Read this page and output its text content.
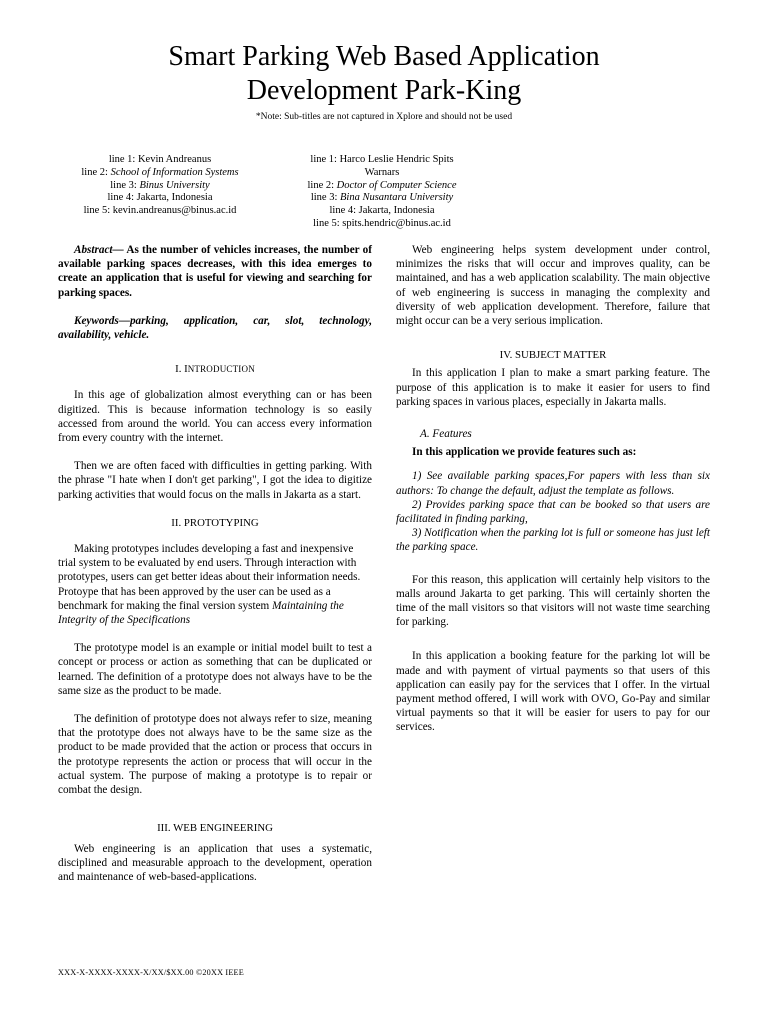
Smart Parking Web Based Application
Development Park-King
*Note: Sub-titles are not captured in Xplore and should not be used
line 1: Kevin Andreanus
line 2: School of Information Systems
line 3: Binus University
line 4: Jakarta, Indonesia
line 5: kevin.andreanus@binus.ac.id
line 1: Harco Leslie Hendric Spits
Warnars
line 2: Doctor of Computer Science
line 3: Bina Nusantara University
line 4: Jakarta, Indonesia
line 5: spits.hendric@binus.ac.id

Abstract— As the number of vehicles increases, the number of available parking spaces decreases, with this idea emerges to create an application that is useful for viewing and searching for parking spaces.

Keywords—parking, application, car, slot, technology, availability, vehicle.

I. INTRODUCTION

In this age of globalization almost everything can or has been digitized. This is because information technology is so easily accessed from around the world. You can access every information from every country with the internet.

Then we are often faced with difficulties in getting parking. With the phrase "I hate when I don't get parking", I got the idea to digitize parking activities that would focus on the malls in Jakarta as a start.

II. PROTOTYPING

Making prototypes includes developing a fast and inexpensive trial system to be evaluated by end users. Through interaction with prototypes, users can get better ideas about their information needs. Protoype that has been approved by the user can be used as a benchmark for making the final version system Maintaining the Integrity of the Specifications

The prototype model is an example or initial model built to test a concept or process or action as something that can be duplicated or learned. The definition of a prototype does not always have to be the same size as the product to be made.

The definition of prototype does not always refer to size, meaning that the prototype does not always have to be the same size as the product to be made provided that the action or process that occurs in the prototype represents the action or process that will occur in the actual system. The purpose of making a prototype is to repair or combat the design.

III. WEB ENGINEERING

Web engineering is an application that uses a systematic, disciplined and measurable approach to the development, operation and maintenance of web-based-applications.

Web engineering helps system development under control, minimizes the risks that will occur and improves quality, can be maintained, and has a web application scalability. The main objective of web engineering is success in managing the complexity and diversity of web application development. Therefore, failure that might occur can be a very serious implication.

IV. SUBJECT MATTER

In this application I plan to make a smart parking feature. The purpose of this application is to make it easier for users to find parking spaces in various places, especially in Jakarta malls.

A. Features

In this application we provide features such as:

1) See available parking spaces,For papers with less than six authors: To change the default, adjust the template as follows.

2) Provides parking space that can be booked so that users are facilitated in finding parking,

3) Notification when the parking lot is full or someone has just left the parking space.

For this reason, this application will certainly help visitors to the malls around Jakarta to get parking. This will certainly shorten the time of the mall visitors so that visitors will not waste time searching for parking.

In this application a booking feature for the parking lot will be made and with payment of virtual payments so that users of this application can easily pay for the services that I offer. In the virtual payment method offered, I will work with OVO, Go-Pay and similar virtual payments so that it will be easier for users to pay for our services.

XXX-X-XXXX-XXXX-X/XX/$XX.00 ©20XX IEEE
